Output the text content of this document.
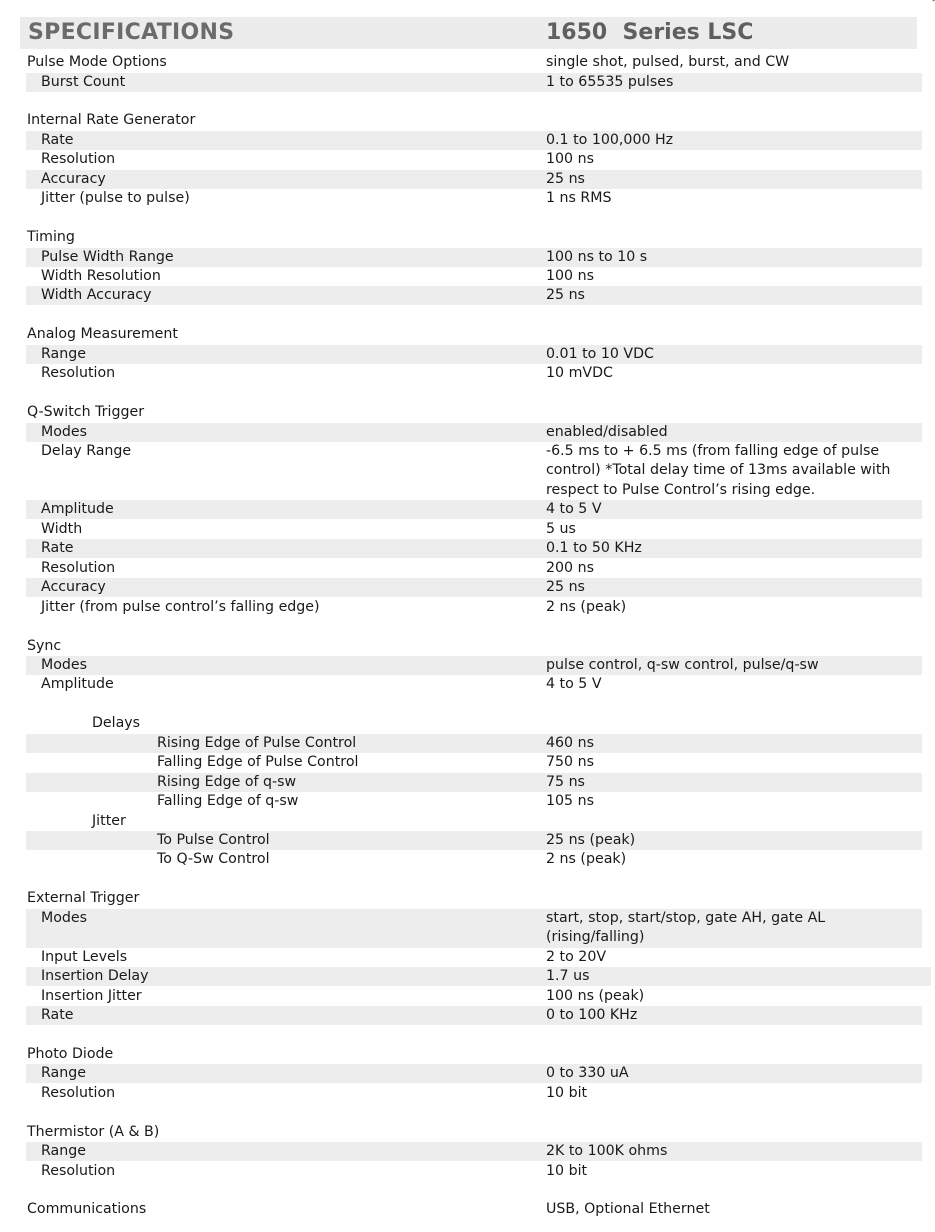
SPECIFICATIONS	1650  Series LSC
Pulse Mode Options	single shot, pulsed, burst, and CW
Burst Count	1 to 65535 pulses
Internal Rate Generator
Rate	0.1 to 100,000 Hz
Resolution	100 ns
Accuracy	25 ns
Jitter (pulse to pulse)	1 ns RMS
Timing
Pulse Width Range	100 ns to 10 s
Width Resolution	100 ns
Width Accuracy	25 ns
Analog Measurement
Range	0.01 to 10 VDC
Resolution	10 mVDC
Q-Switch Trigger
Modes	enabled/disabled
Delay Range	-6.5 ms to + 6.5 ms (from falling edge of pulse control) *Total delay time of 13ms available with respect to Pulse Control’s rising edge.
Amplitude	4 to 5 V
Width	5 us
Rate	0.1 to 50 KHz
Resolution	200 ns
Accuracy	25 ns
Jitter (from pulse control’s falling edge)	2 ns (peak)
Sync
Modes	pulse control, q-sw control, pulse/q-sw
Amplitude	4 to 5 V
Delays
Rising Edge of Pulse Control	460 ns
Falling Edge of Pulse Control	750 ns
Rising Edge of q-sw	75 ns
Falling Edge of q-sw	105 ns
Jitter
To Pulse Control	25 ns (peak)
To Q-Sw Control	2 ns (peak)
External Trigger
Modes	start, stop, start/stop, gate AH, gate AL (rising/falling)
Input Levels	2 to 20V
Insertion Delay	1.7 us
Insertion Jitter	100 ns (peak)
Rate	0 to 100 KHz
Photo Diode
Range	0 to 330 uA
Resolution	10 bit
Thermistor (A & B)
Range	2K to 100K ohms
Resolution	10 bit
Communications	USB, Optional Ethernet
